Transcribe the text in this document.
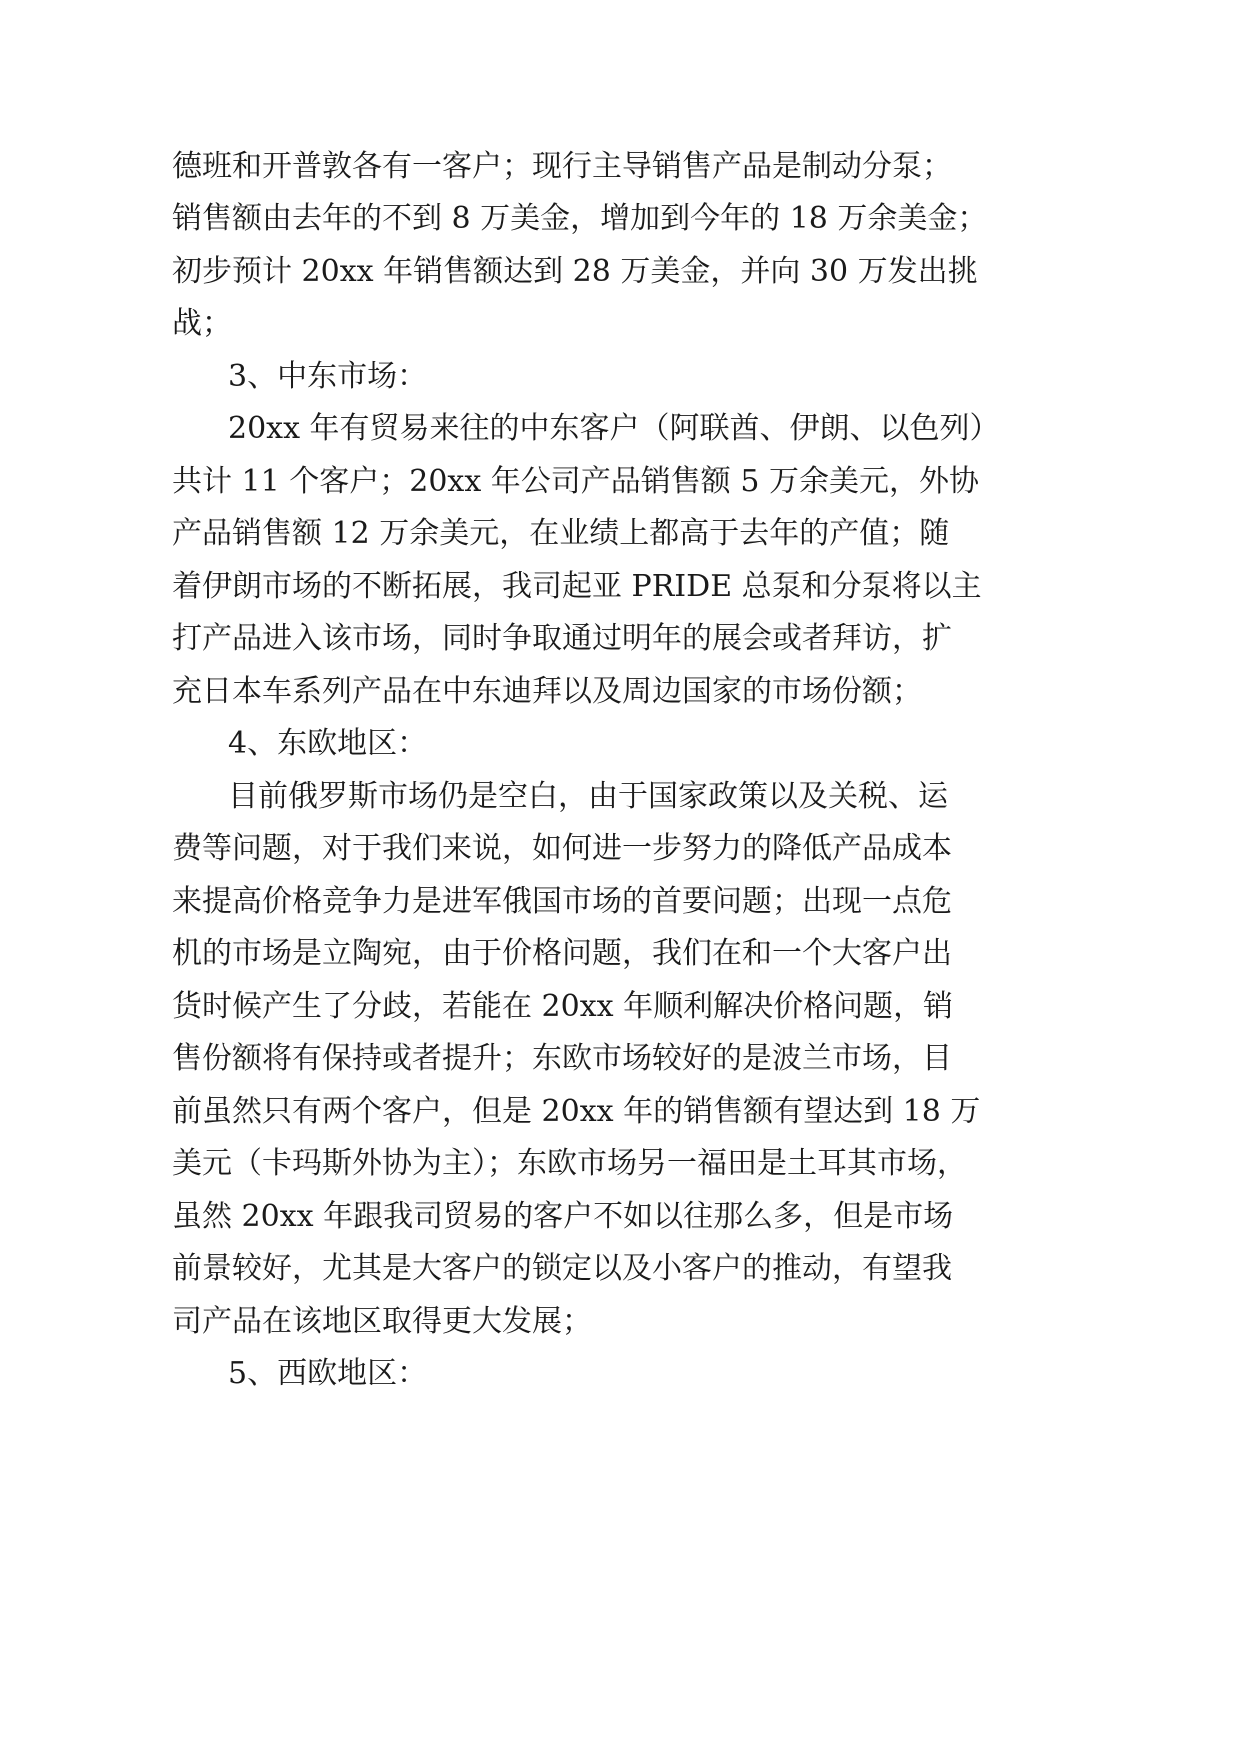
德班和开普敦各有一客户；现行主导销售产品是制动分泵；
销售额由去年的不到 8 万美金，增加到今年的 18 万余美金；
初步预计 20xx 年销售额达到 28 万美金，并向 30 万发出挑
战；
3、中东市场：
20xx 年有贸易来往的中东客户（阿联酋、伊朗、以色列）
共计 11 个客户；20xx 年公司产品销售额 5 万余美元，外协
产品销售额 12 万余美元，在业绩上都高于去年的产值；随
着伊朗市场的不断拓展，我司起亚 PRIDE 总泵和分泵将以主
打产品进入该市场，同时争取通过明年的展会或者拜访，扩
充日本车系列产品在中东迪拜以及周边国家的市场份额；
4、东欧地区：
目前俄罗斯市场仍是空白，由于国家政策以及关税、运
费等问题，对于我们来说，如何进一步努力的降低产品成本
来提高价格竞争力是进军俄国市场的首要问题；出现一点危
机的市场是立陶宛，由于价格问题，我们在和一个大客户出
货时候产生了分歧，若能在 20xx 年顺利解决价格问题，销
售份额将有保持或者提升；东欧市场较好的是波兰市场，目
前虽然只有两个客户，但是 20xx 年的销售额有望达到 18 万
美元（卡玛斯外协为主）；东欧市场另一福田是土耳其市场，
虽然 20xx 年跟我司贸易的客户不如以往那么多，但是市场
前景较好，尤其是大客户的锁定以及小客户的推动，有望我
司产品在该地区取得更大发展；
5、西欧地区：
